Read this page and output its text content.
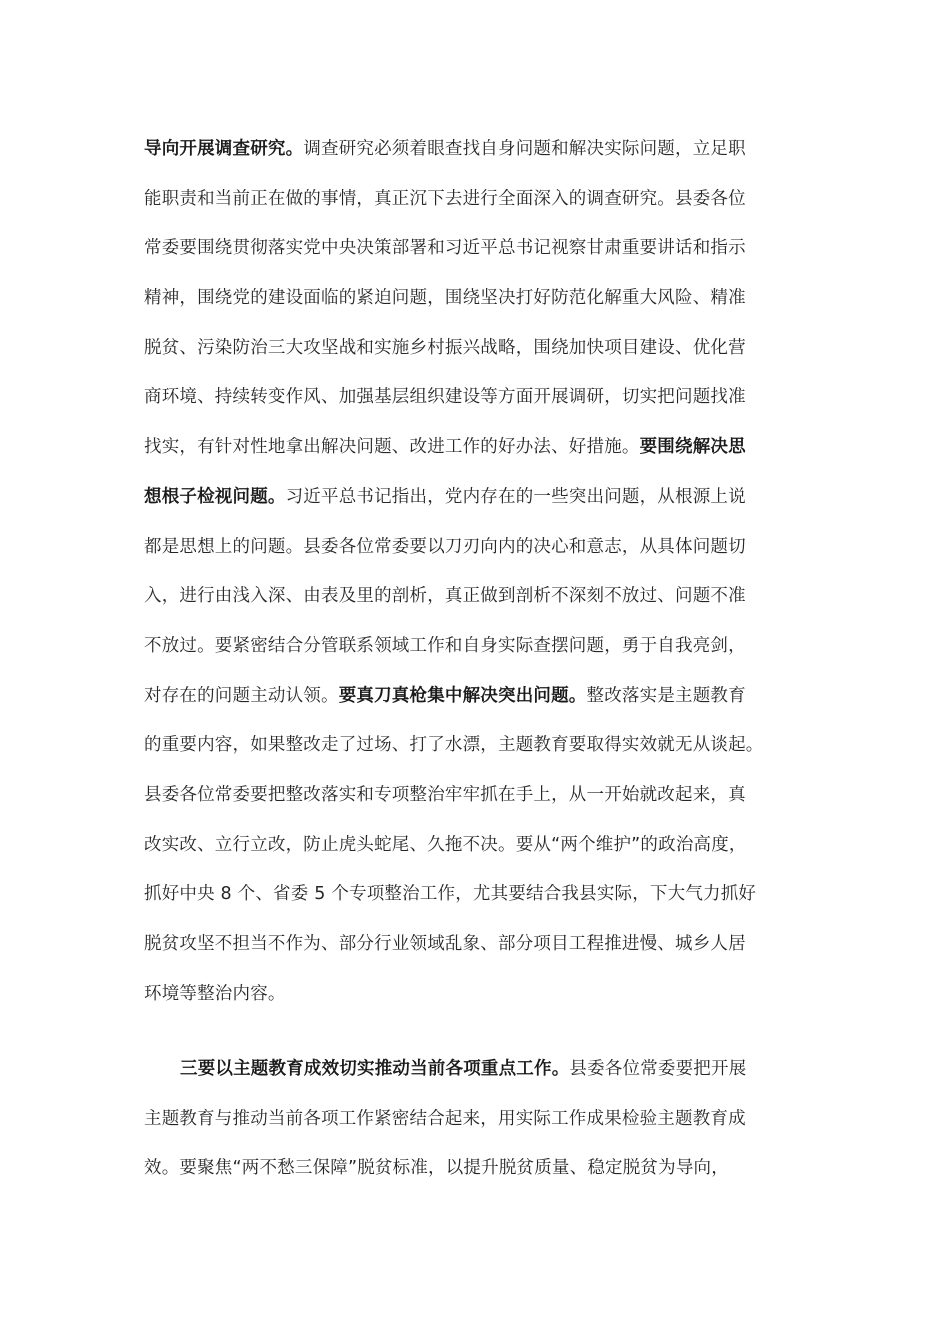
导向开展调查研究。调查研究必须着眼查找自身问题和解决实际问题，立足职
能职责和当前正在做的事情，真正沉下去进行全面深入的调查研究。县委各位
常委要围绕贯彻落实党中央决策部署和习近平总书记视察甘肃重要讲话和指示
精神，围绕党的建设面临的紧迫问题，围绕坚决打好防范化解重大风险、精准
脱贫、污染防治三大攻坚战和实施乡村振兴战略，围绕加快项目建设、优化营
商环境、持续转变作风、加强基层组织建设等方面开展调研，切实把问题找准
找实，有针对性地拿出解决问题、改进工作的好办法、好措施。要围绕解决思
想根子检视问题。习近平总书记指出，党内存在的一些突出问题，从根源上说
都是思想上的问题。县委各位常委要以刀刃向内的决心和意志，从具体问题切
入，进行由浅入深、由表及里的剖析，真正做到剖析不深刻不放过、问题不准
不放过。要紧密结合分管联系领域工作和自身实际查摆问题，勇于自我亮剑，
对存在的问题主动认领。要真刀真枪集中解决突出问题。整改落实是主题教育
的重要内容，如果整改走了过场、打了水漂，主题教育要取得实效就无从谈起。
县委各位常委要把整改落实和专项整治牢牢抓在手上，从一开始就改起来，真
改实改、立行立改，防止虎头蛇尾、久拖不决。要从“两个维护”的政治高度，
抓好中央 8 个、省委 5 个专项整治工作，尤其要结合我县实际，下大气力抓好
脱贫攻坚不担当不作为、部分行业领域乱象、部分项目工程推进慢、城乡人居
环境等整治内容。
三要以主题教育成效切实推动当前各项重点工作。县委各位常委要把开展
主题教育与推动当前各项工作紧密结合起来，用实际工作成果检验主题教育成
效。要聚焦“两不愁三保障”脱贫标准，以提升脱贫质量、稳定脱贫为导向，
